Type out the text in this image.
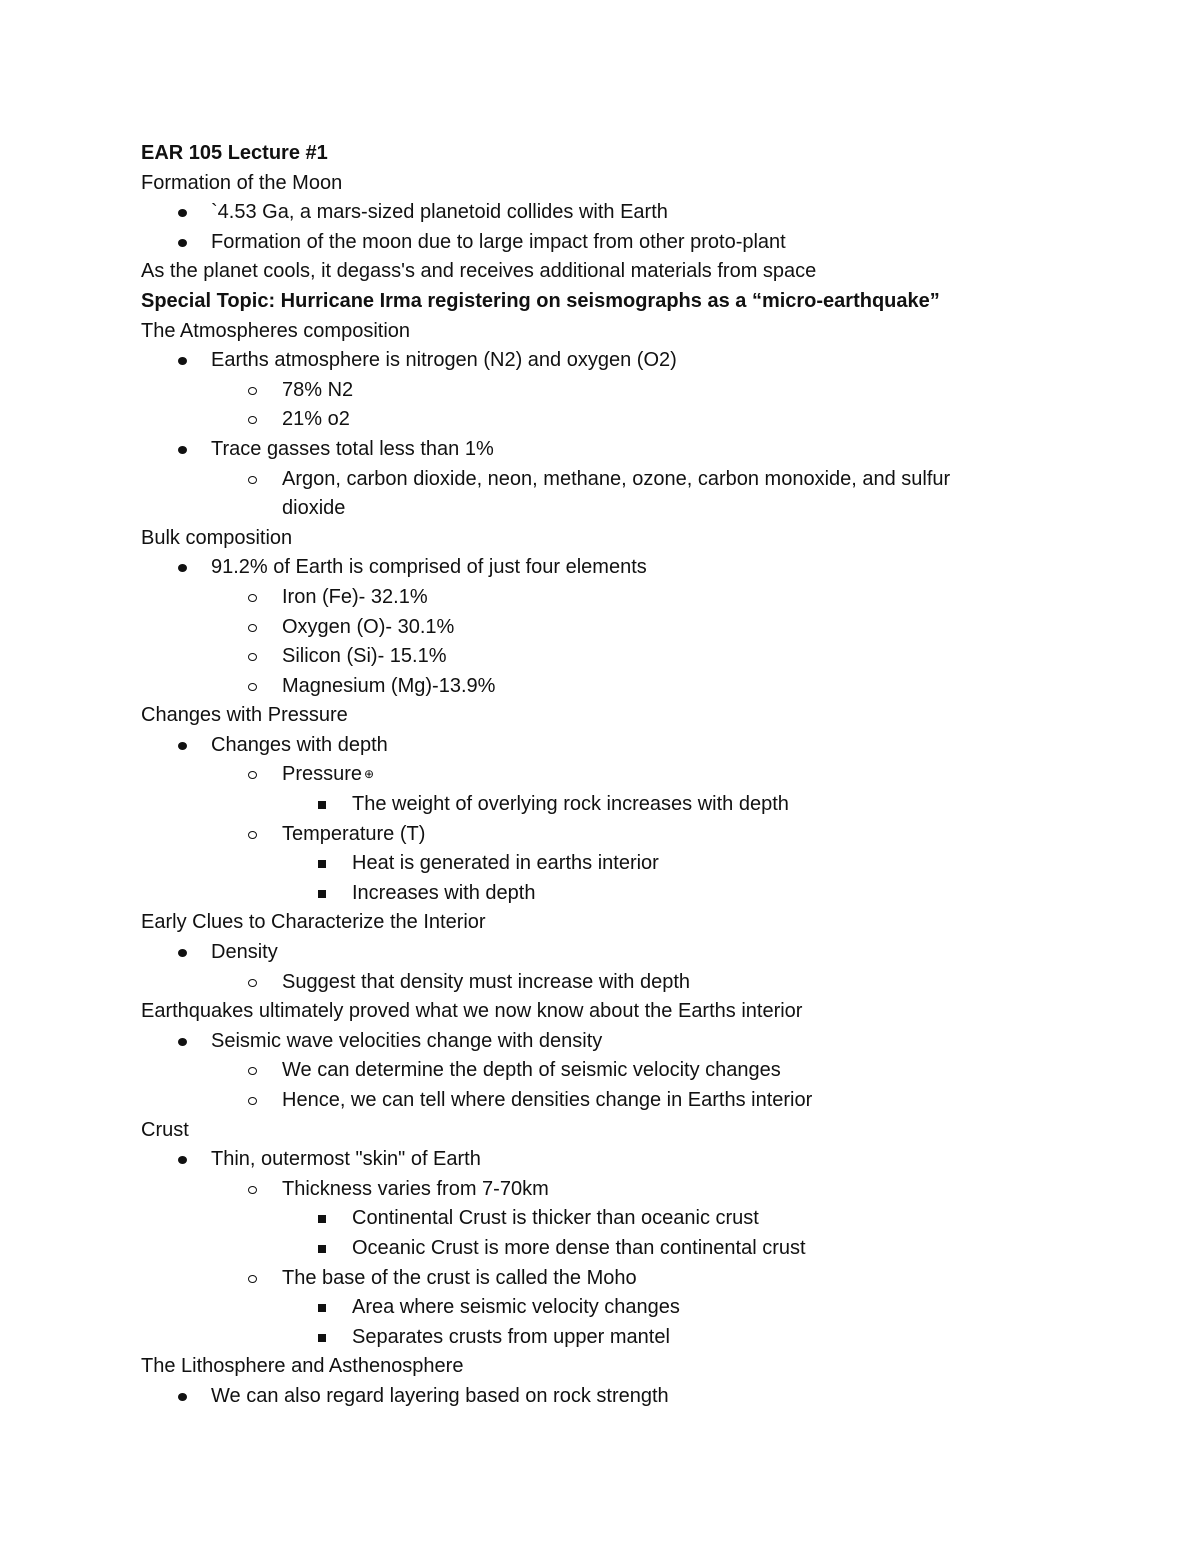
EAR 105 Lecture #1
Formation of the Moon
`4.53 Ga, a mars-sized planetoid collides with Earth
Formation of the moon due to large impact from other proto-plant
As the planet cools, it degass's and receives additional materials from space
Special Topic: Hurricane Irma registering on seismographs as a “micro-earthquake”
The Atmospheres composition
Earths atmosphere is nitrogen (N2) and oxygen (O2)
78% N2
21% o2
Trace gasses total less than 1%
Argon, carbon dioxide, neon, methane, ozone, carbon monoxide, and sulfur
dioxide
Bulk composition
91.2% of Earth is comprised of just four elements
Iron (Fe)- 32.1%
Oxygen (O)- 30.1%
Silicon (Si)- 15.1%
Magnesium (Mg)-13.9%
Changes with Pressure
Changes with depth
Pressure ⊕
The weight of overlying rock increases with depth
Temperature (T)
Heat is generated in earths interior
Increases with depth
Early Clues to Characterize the Interior
Density
Suggest that density must increase with depth
Earthquakes ultimately proved what we now know about the Earths interior
Seismic wave velocities change with density
We can determine the depth of seismic velocity changes
Hence, we can tell where densities change in Earths interior
Crust
Thin, outermost "skin" of Earth
Thickness varies from 7-70km
Continental Crust is thicker than oceanic crust
Oceanic Crust is more dense than continental crust
The base of the crust is called the Moho
Area where seismic velocity changes
Separates crusts from upper mantel
The Lithosphere and Asthenosphere
We can also regard layering based on rock strength
